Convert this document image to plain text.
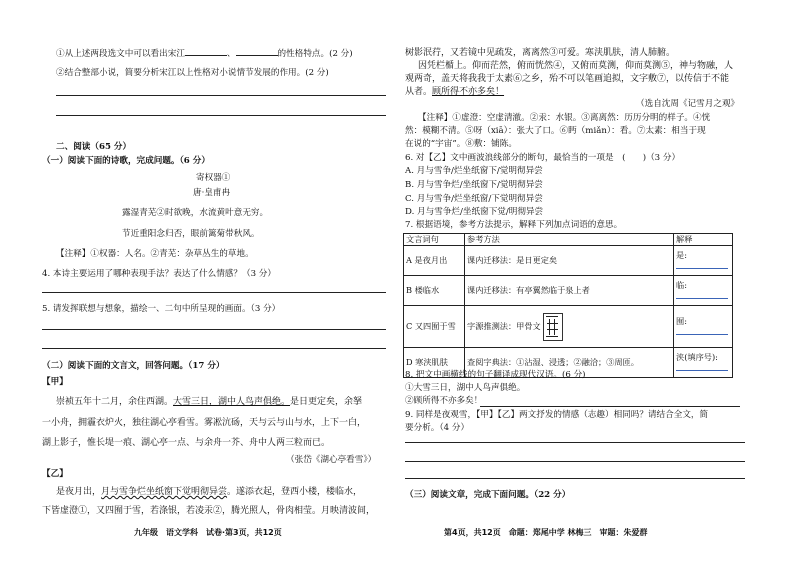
①从上述两段选文中可以看出宋江	、	的性格特点。(2 分)
②结合整部小说，简要分析宋江以上性格对小说情节发展的作用。(2 分)
二、阅读（65 分）
（一）阅读下面的诗歌，完成问题。（6 分）
寄权器①
唐·皇甫冉
露湿青芜②时欲晚，水流黄叶意无穷。
节近重阳念归否，眼前篱菊带秋风。
【注释】①权器：人名。②青芜：杂草丛生的草地。
4. 本诗主要运用了哪种表现手法？表达了什么情感？（3 分）
5. 请发挥联想与想象，描绘一、二句中所呈现的画面。（3 分）
（二）阅读下面的文言文，回答问题。（17 分）
【甲】
崇祯五年十二月，余住西湖。大雪三日，湖中人鸟声俱绝。是日更定矣，余拏
一小舟，拥霾衣炉火，独往湖心亭看雪。雾凇沆砀，天与云与山与水，上下一白，
湖上影子，惟长堤一痕、湖心亭一点、与余舟一芥、舟中人两三粒而已。
（张岱《湖心亭看雪》）
【乙】
是夜月出，月与雪争烂坐纸窗下觉明彻异尝。遂添衣起，登西小楼，楼临水，
下皆虚澄①，又四囿于雪，若涤银，若凌汞②，腾光照人，骨肉相莹。月映清波间，
九年级　语文学科　试卷·第3页，共12页
树影泯荇，又若镜中见疏发，离离然③可爱。寒浃肌肤，清人肺腑。
因凭栏楯上。仰而茫然，俯而恍然④，又俯而莫测，仰而莫测⑤，神与物融，人
观两奇，盖天将我我于太素⑥之乡，殆不可以笔画追拟，文字敷⑦，以传信于不能
从者。顾所得不亦多矣！
（选自沈周《记雪月之观》
【注释】①虚澄：空虚清澈。②汞：水银。③离离然：历历分明的样子。④恍
然：模糊不清。⑤呀（xiā）：张大了口。⑥眄（miǎn）：看。⑦太素：相当于现
在说的“宇宙”。⑧敷：铺陈。
6. 对【乙】文中画波浪线部分的断句，最恰当的一项是　(　　)（3 分）
A. 月与雪争/烂坐纸窗下/觉明彻异尝
B. 月与雪争烂/坐纸窗下/觉明彻异尝
C. 月与雪争/烂坐纸窗/下觉明彻异尝
D. 月与雪争烂/坐纸窗下觉/明彻异尝
7. 根据语境，参考方法提示，解释下列加点词语的意思。
文言词句	参考方法	解释
A 是夜月出	课内迁移法：是日更定矣	是:

B 楼临水	课内迁移法：有亭翼然临于泉上者	临:

C 又四囿于雪	字源推测法：甲骨文	囿:

D 寒浃肌肤	查阅字典法：①沾湿、浸透；②融洽；③周匝。	浃(填序号):

8. 把文中画横线的句子翻译成现代汉语。(6 分)
①大雪三日，湖中人鸟声俱绝。
②顾所得不亦多矣！
9. 同样是夜观雪，【甲】【乙】两文抒发的情感（志趣）相同吗？请结合全文，简
要分析。（4 分）
（三）阅读文章，完成下面问题。（22 分）
第4页，共12页　命题：郑尾中学 林梅三　审题：朱爱群
